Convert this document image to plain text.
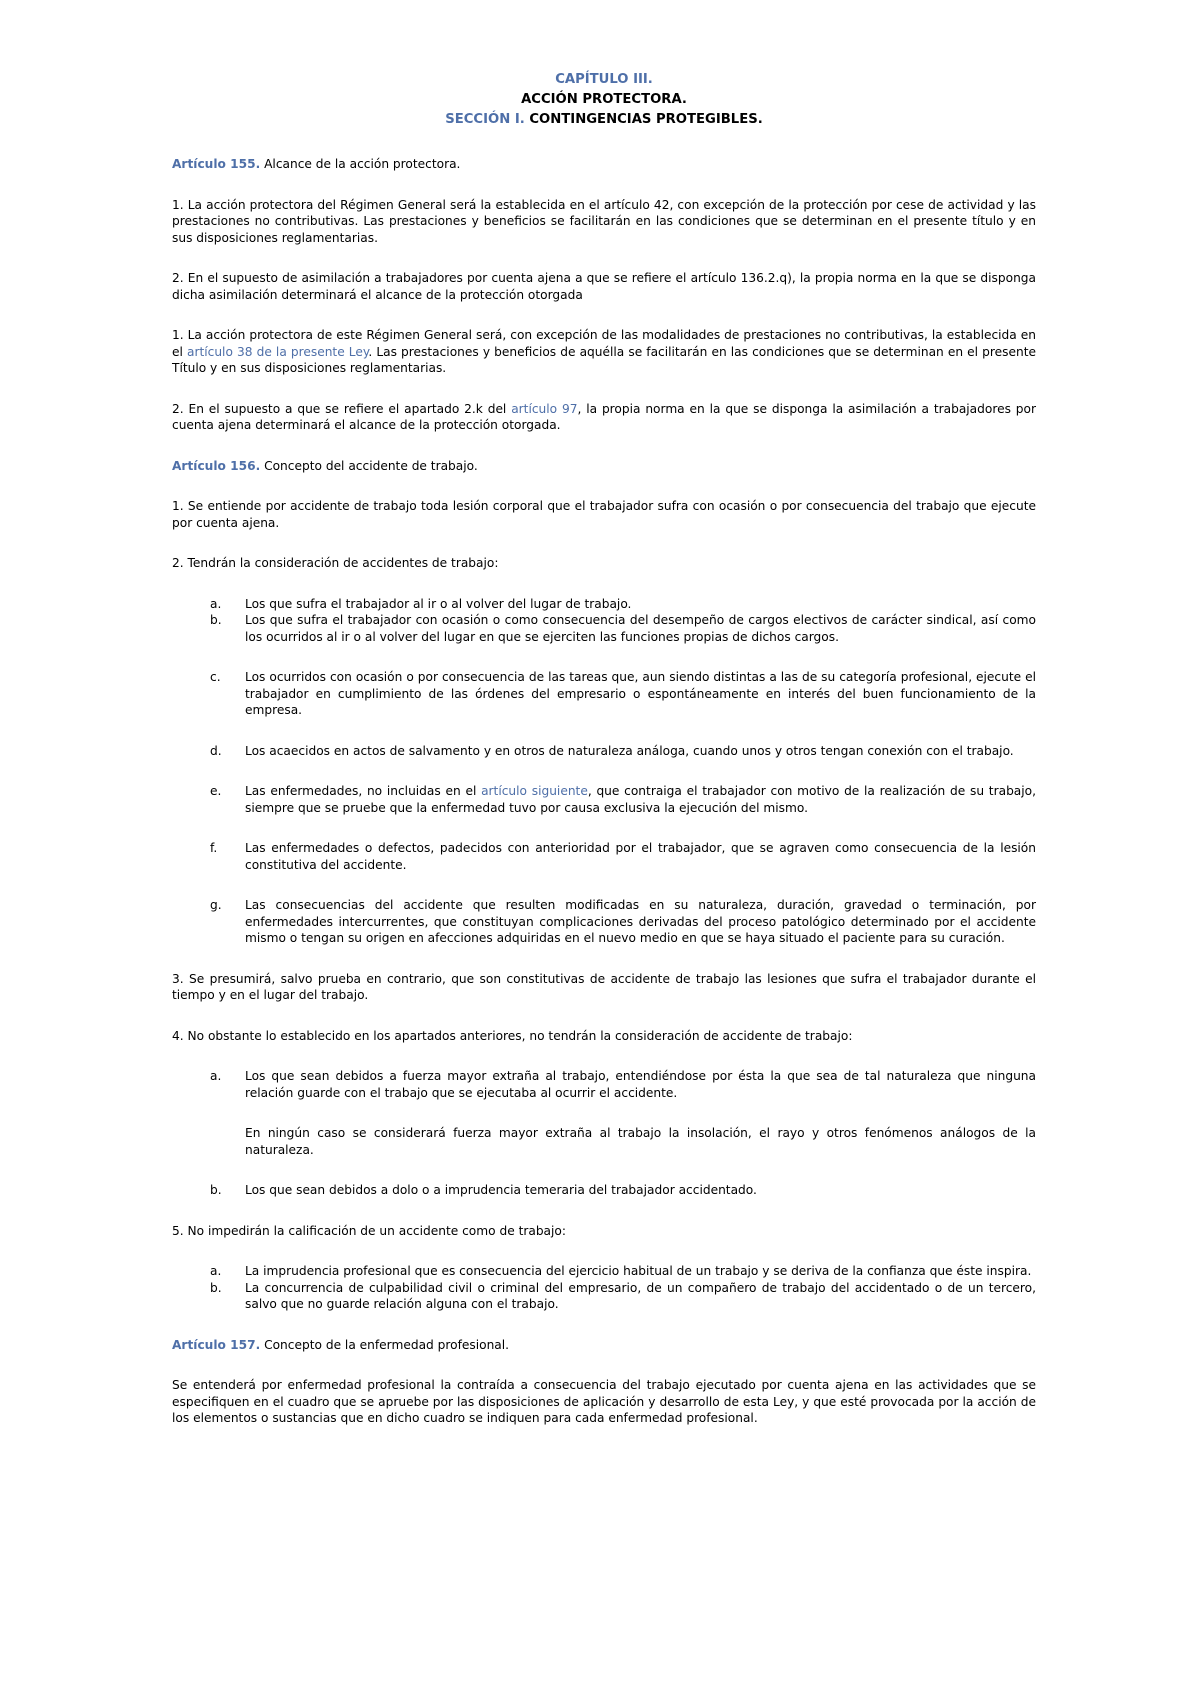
CAPÍTULO III.
ACCIÓN PROTECTORA.
SECCIÓN I. CONTINGENCIAS PROTEGIBLES.
Artículo 155. Alcance de la acción protectora.

1. La acción protectora del Régimen General será la establecida en el artículo 42, con excepción de la protección por cese de actividad y las prestaciones no contributivas. Las prestaciones y beneficios se facilitarán en las condiciones que se determinan en el presente título y en sus disposiciones reglamentarias.

2. En el supuesto de asimilación a trabajadores por cuenta ajena a que se refiere el artículo 136.2.q), la propia norma en la que se disponga dicha asimilación determinará el alcance de la protección otorgada

1. La acción protectora de este Régimen General será, con excepción de las modalidades de prestaciones no contributivas, la establecida en el artículo 38 de la presente Ley. Las prestaciones y beneficios de aquélla se facilitarán en las condiciones que se determinan en el presente Título y en sus disposiciones reglamentarias.

2. En el supuesto a que se refiere el apartado 2.k del artículo 97, la propia norma en la que se disponga la asimilación a trabajadores por cuenta ajena determinará el alcance de la protección otorgada.

Artículo 156. Concepto del accidente de trabajo.

1. Se entiende por accidente de trabajo toda lesión corporal que el trabajador sufra con ocasión o por consecuencia del trabajo que ejecute por cuenta ajena.

2. Tendrán la consideración de accidentes de trabajo:

a. Los que sufra el trabajador al ir o al volver del lugar de trabajo.
b. Los que sufra el trabajador con ocasión o como consecuencia del desempeño de cargos electivos de carácter sindical, así como los ocurridos al ir o al volver del lugar en que se ejerciten las funciones propias de dichos cargos.
c. Los ocurridos con ocasión o por consecuencia de las tareas que, aun siendo distintas a las de su categoría profesional, ejecute el trabajador en cumplimiento de las órdenes del empresario o espontáneamente en interés del buen funcionamiento de la empresa.
d. Los acaecidos en actos de salvamento y en otros de naturaleza análoga, cuando unos y otros tengan conexión con el trabajo.
e. Las enfermedades, no incluidas en el artículo siguiente, que contraiga el trabajador con motivo de la realización de su trabajo, siempre que se pruebe que la enfermedad tuvo por causa exclusiva la ejecución del mismo.
f. Las enfermedades o defectos, padecidos con anterioridad por el trabajador, que se agraven como consecuencia de la lesión constitutiva del accidente.
g. Las consecuencias del accidente que resulten modificadas en su naturaleza, duración, gravedad o terminación, por enfermedades intercurrentes, que constituyan complicaciones derivadas del proceso patológico determinado por el accidente mismo o tengan su origen en afecciones adquiridas en el nuevo medio en que se haya situado el paciente para su curación.

3. Se presumirá, salvo prueba en contrario, que son constitutivas de accidente de trabajo las lesiones que sufra el trabajador durante el tiempo y en el lugar del trabajo.

4. No obstante lo establecido en los apartados anteriores, no tendrán la consideración de accidente de trabajo:

a. Los que sean debidos a fuerza mayor extraña al trabajo, entendiéndose por ésta la que sea de tal naturaleza que ninguna relación guarde con el trabajo que se ejecutaba al ocurrir el accidente.
En ningún caso se considerará fuerza mayor extraña al trabajo la insolación, el rayo y otros fenómenos análogos de la naturaleza.
b. Los que sean debidos a dolo o a imprudencia temeraria del trabajador accidentado.

5. No impedirán la calificación de un accidente como de trabajo:

a. La imprudencia profesional que es consecuencia del ejercicio habitual de un trabajo y se deriva de la confianza que éste inspira.
b. La concurrencia de culpabilidad civil o criminal del empresario, de un compañero de trabajo del accidentado o de un tercero, salvo que no guarde relación alguna con el trabajo.
Artículo 157. Concepto de la enfermedad profesional.

Se entenderá por enfermedad profesional la contraída a consecuencia del trabajo ejecutado por cuenta ajena en las actividades que se especifiquen en el cuadro que se apruebe por las disposiciones de aplicación y desarrollo de esta Ley, y que esté provocada por la acción de los elementos o sustancias que en dicho cuadro se indiquen para cada enfermedad profesional.
